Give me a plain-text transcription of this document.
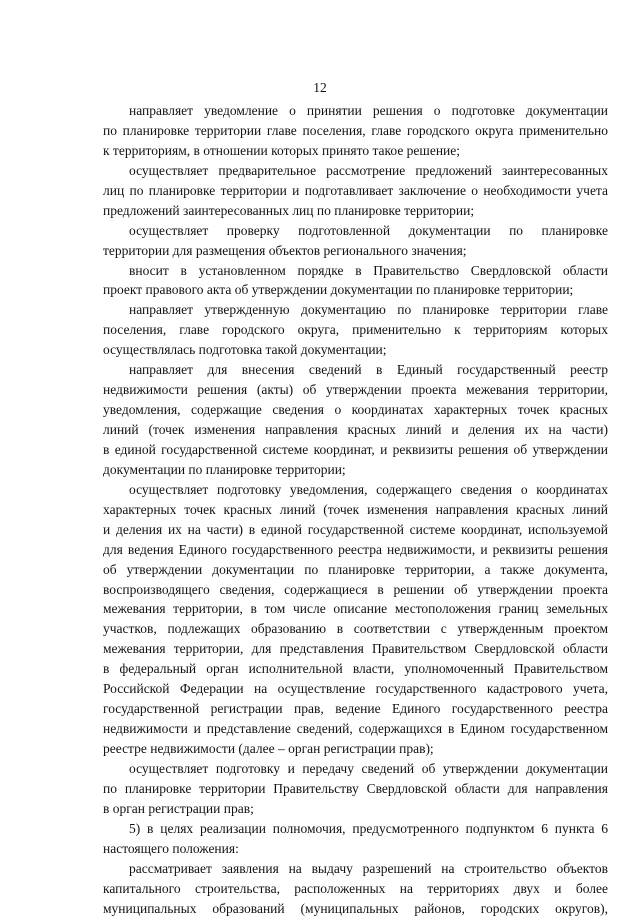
12

направляет уведомление о принятии решения о подготовке документации
по планировке территории главе поселения, главе городского округа применительно
к территориям, в отношении которых принято такое решение;

осуществляет предварительное рассмотрение предложений заинтересованных
лиц по планировке территории и подготавливает заключение о необходимости учета
предложений заинтересованных лиц по планировке территории;

осуществляет проверку подготовленной документации по планировке
территории для размещения объектов регионального значения;

вносит в установленном порядке в Правительство Свердловской области
проект правового акта об утверждении документации по планировке территории;

направляет утвержденную документацию по планировке территории главе
поселения, главе городского округа, применительно к территориям которых
осуществлялась подготовка такой документации;

направляет для внесения сведений в Единый государственный реестр
недвижимости решения (акты) об утверждении проекта межевания территории,
уведомления, содержащие сведения о координатах характерных точек красных
линий (точек изменения направления красных линий и деления их на части)
в единой государственной системе координат, и реквизиты решения об утверждении
документации по планировке территории;

осуществляет подготовку уведомления, содержащего сведения о координатах
характерных точек красных линий (точек изменения направления красных линий
и деления их на части) в единой государственной системе координат, используемой
для ведения Единого государственного реестра недвижимости, и реквизиты решения
об утверждении документации по планировке территории, а также документа,
воспроизводящего сведения, содержащиеся в решении об утверждении проекта
межевания территории, в том числе описание местоположения границ земельных
участков, подлежащих образованию в соответствии с утвержденным проектом
межевания территории, для представления Правительством Свердловской области
в федеральный орган исполнительной власти, уполномоченный Правительством
Российской Федерации на осуществление государственного кадастрового учета,
государственной регистрации прав, ведение Единого государственного реестра
недвижимости и представление сведений, содержащихся в Едином государственном
реестре недвижимости (далее – орган регистрации прав);

осуществляет подготовку и передачу сведений об утверждении документации
по планировке территории Правительству Свердловской области для направления
в орган регистрации прав;

5) в целях реализации полномочия, предусмотренного подпунктом 6 пункта 6
настоящего положения:

рассматривает заявления на выдачу разрешений на строительство объектов
капитального строительства, расположенных на территориях двух и более
муниципальных образований (муниципальных районов, городских округов),
